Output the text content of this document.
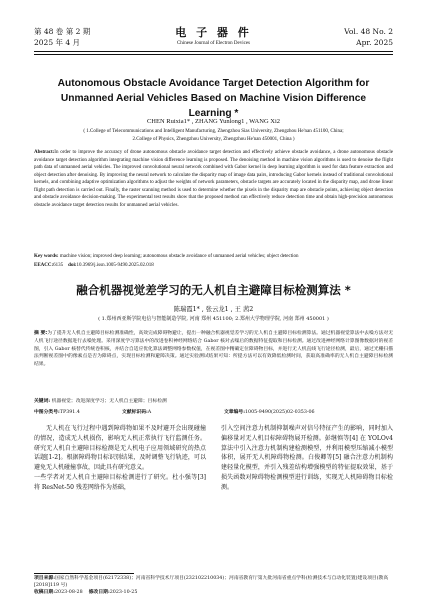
第 48 卷 第 2 期
2025 年 4 月
电 子 器 件
Chinese Journal of Electron Devices
Vol. 48 No. 2
Apr. 2025
Autonomous Obstacle Avoidance Target Detection Algorithm for Unmanned Aerial Vehicles Based on Machine Vision Difference Learning *
CHEN Ruixia1* , ZHANG Yunlong1 , WANG Xi2
( 1.College of Telecommunications and Intelligent Manufacturing, Zhengzhou Sias University, Zhengzhou He'nan 451100, China;
2.College of Physics, Zhengzhou University, Zhengzhou He'nan 450001, China )
Abstract:In order to improve the accuracy of drone autonomous obstacle avoidance target detection and effectively achieve obstacle avoidance, a drone autonomous obstacle avoidance target detection algorithm integrating machine vision difference learning is proposed. The denoising method in machine vision algorithms is used to denoise the flight path data of unmanned aerial vehicles. The improved convolutional neural network combined with Gabor kernel in deep learning algorithm is used for data feature extraction and object detection after denoising. By improving the neural network to calculate the disparity map of image data pairs, introducing Gabor kernels instead of traditional convolutional kernels, and combining adaptive optimization algorithms to adjust the weights of network parameters, obstacle targets are accurately located in the disparity map, and drone linear flight path detection is carried out. Finally, the raster scanning method is used to determine whether the pixels in the disparity map are obstacle points, achieving object detection and obstacle avoidance decision-making. The experimental test results show that the proposed method can effectively reduce detection time and obtain high-precision autonomous obstacle avoidance target detection results for unmanned aerial vehicles.
Key words: machine vision; improved deep learning; autonomous obstacle avoidance of unmanned aerial vehicles; object detection
EEACC:6135 doi:10.3969/j.issn.1005-9490.2025.02.018
融合机器视觉差学习的无人机自主避障目标检测算法 *
陈瑞霞1* , 张云龙1 , 王 茜2
( 1.郑州西亚斯学院电信与智能制造学院, 河南 郑州 451100; 2.郑州大学物理学院, 河南 郑州 450001 )
摘 要:为了提升无人机自主避障目标检测准确性，高效完成障碍物避让，提出一种融合机器视觉差学习的无人机自主避障目标检测算法。通过机器视觉算法中去噪方法对无人机飞行途径数据进行去噪处理。采用深度学习算法中的改进卷积神经网络结合 Gabor 核对去噪后的数据特征提取和目标检测。通过改进神经网络计算图像数据对的视差图，引入 Gabor 核替代传统卷积核，并结合自适应优化算法调整网络参数权值，在视差图中精确定位障碍物目标，并进行无人机直线飞行途径检测，最后，通过光栅扫描法判断视差图中的像素点是否为障碍点，实现目标检测和避障决策。通过实验测试结果可知：所提方法可以有效降低检测时间，获取高准确率的无人机自主避障目标检测结果。
关键词: 机器视觉；改进深度学习；无人机自主避障；目标检测
中图分类号:TP391.4	文献标识码:A	文章编号:1005-9490(2025)02-0353-06
无人机在飞行过程中遇到障碍物如果不及时避开会出现碰撞的情况，造成无人机损伤，影响无人机正常执行飞行监测任务。研究无人机自主避障目标检测是无人机电子应用领域研究的热点话题[1-2]。根据障碍物目标识别结果，及时调整飞行轨迹，可以避免无人机碰撞事故，因此具有研究意义。
一些学者对无人机自主避障目标检测进行了研究。杜小强等[3] 将 ResNet-50 残差网络作为基础，
引入空间注意力机制抑制噪声对信号特征产生的影响，同时加入偏移量对无人机目标障碍物展开检测。彭继慎等[4] 在 YOLOv4 算法中引入注意力机制构建检测模型，并利用模型压缩减小模型体积，展开无人机障碍物检测。白俊卿等[5] 融合注意力机制构建轻量化模型，并引入残差结构增强模型的特征提取效果，基于损失函数对障碍物检测模型进行训练，实现无人机障碍物目标检测。
项目来源:国家自然科学基金项目(62172338)；河南省科学技术厅项目(232102210034)；河南省教育厅第九批河南省重点学科(检测技术与自动化装置)建设项目(教高[2018]119 号)
收稿日期:2023-08-28 修改日期:2023-10-25
